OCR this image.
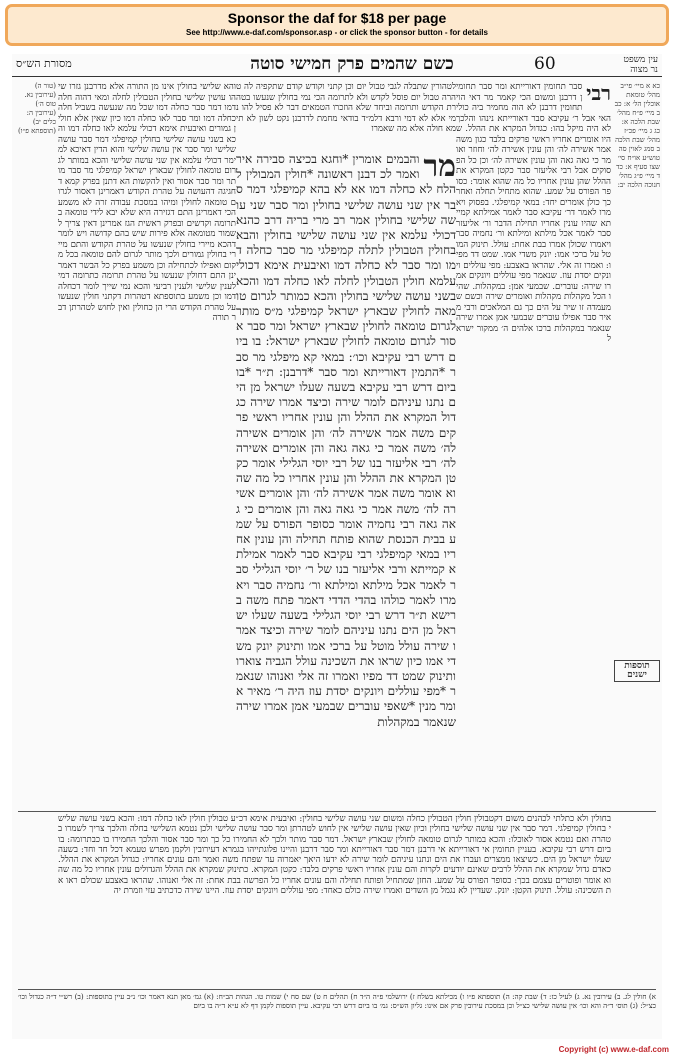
Sponsor the daf for $18 per page
See http://www.e-daf.com/sponsor.asp - or click the sponsor button - for details
מסורת הש״ס	כשם שהמים פרק חמישי סוטה	60	עין משפט
נר מצוה

לטהורין שתבלה לגבי טבול יום וכן קתני וקודש קודם שתקפיה לה טהרה טבול יום פוסל לקדש ולא לתרומה הכי נמי בחולין שנעשו בטהרת הקודש ותרומה וביחד שלא הוזכרו הטמאים דבר לא פסיל להו נמי אלא לא דמי ורבא דלמ״ד בודאי מחמת לדרבנן נקט לשון לא תימא חולה אלא מה שאמרו

מר

והבמים אומרין *וחגא בכיצה סבירה איר ואמר לכ דבנן ראשונה *חולין המבולין להלח לא כחלה דמו אא לא בהא קמיפלגי דמר סבר אין שני עושה שלישי בחולין ומר סבר שני עושה שלישי בחולין אמר רב מרי בריה דרב כהנא דכולי עלמא אין שני עושה שלישי בחולין והבא בחולין הטבולין לתלה קמיפלגי מר סבר כחלה דמו ומר סבר לא כחלה דמו ואיבעית אימא דכולי עלמא חולין הטבולין לחלה לאו כחלה דמו והכא בשני עושה שלישי בחולין והכא כמותר לגרום טומאה לחולין שבארץ ישראל קמיפלגי מ״ס מותר לגרום טומאה לחולין שבארץ ישראל ומר סבר אסור לגרום טומאה לחולין שבארץ ישראל: בו ביום דרש רבי עקיבא וכו׳: במאי קא מיפלגי מר סבר *התמין דאורייתא ומר סבר *דרבנן: ת״ר *בו ביום דרש רבי עקיבא בשעה שעלו ישראל מן הים נתנו עיניהם לומר שירה וכיצד אמרו שירה כגדול המקרא את ההלל והן עונין אחריו ראשי פרקים משה אמר אשירה לה׳ והן אומרים אשירה לה׳ משה אמר כי גאה גאה והן אומרים אשירה לה׳ רבי אליעזר בנו של רבי יוסי הגלילי אומר כקטן המקרא את ההלל והן עונין אחריו כל מה שהוא אומר משה אמר אשירה לה׳ והן אומרים אשירה לה׳ משה אמר כי גאה גאה והן אומרים כי גאה גאה רבי נחמיה אומר כסופר הפורס על שמע בבית הכנסת שהוא פותח תחילה והן עונין אחריו במאי קמיפלגי רבי עקיבא סבר לאמר אמילתא קמייתא ורבי אליעזר בנו של ר׳ יוסי הגלילי סבר לאמר אכל מילתא ומילתא ור׳ נחמיה סבר ויאמרו לאמר כולהו בהדי הדדי דאמר פתח משה ברישא ת״ר דרש רבי יוסי הגלילי בשעה שעלו ישראל מן הים נתנו עיניהם לומר שירה וכיצד אמרו שירה עולל מוטל על ברכי אמו ותינוק יונק משדי אמו כיון שראו את השכינה עולל הגביה צוארו ותינוק שמט דד מפיו ואמרו זה אלי ואנוהו שנאמר *מפי עוללים ויונקים יסדת עוז היה ר׳ מאיר אומר מנין *שאפי עוברים שבמעי אמן אמרו שירה שנאמר במקהלות

והא שלישי בחולין אינו מן התורה אלא מדרבנן גזרו שיהו עושין שלישי בחולין הטבולין לחלה ומאי דהוה חלה דמו דמר סבר כחלה דמו שכל מה שנעשה בשביל חלה כחלה דמו ומר סבר לאו כחלה דמו כיון שאין אלא חולין גמורים ואיבעית אימא דכולי עלמא לאו כחלה דמו והכא בשני עושה שלישי בחולין קמיפלגי דמר סבר עושה שלישי ומר סבר אין עושה שלישי והוא הדין דאיכא למימר דכולי עלמא אין שני עושה שלישי והכא במותר לגרום טומאה לחולין שבארץ ישראל קמיפלגי מר סבר מותר ומר סבר אסור ואין להקשות הא דתנן בפרק קמא דחגיגה דהעושה על טהרת הקודש דאמרינן דאסור לגרום טומאה לחולין ומיהו במסכת עבודה זרה לא משמע הכי דאמרינן התם דגזירה היא שלא יבא לידי טומאה בתרומה וקדשים ובפרק ראשית הגז אמרינן דאין צריך לשמור מטומאה אלא פירות שיש בהם קדושה ויש לומר דהכא מיירי בחולין שנעשו על טהרת הקודש והתם מיירי בחולין גמורים ולכך מותר לגרום להם טומאה בכל מקום ואפילו לכתחילה וכן משמע בפרק כל הבשר דאמרינן התם דחולין שנעשו על טהרת תרומה כתרומה דמי לענין שלישי ולענין רביעי והכא נמי שייך לומר דכחלה דמו וכן משמע בתוספתא דטהרות דקתני חולין שנעשו על טהרת הקודש הרי הן כחולין ואין לחוש לטהרתן דבר תורה

רבי

סבר תחומין דאורייתא ומר סבר תחומין דרבנן ומשום הכי קאמר מר דאי הוי תחומין דרבנן לא הוה מחמיר ביה כולי האי אבל ר׳ עקיבא סבר דאורייתא נינהו והלכך לא היה מיקל בהו: כגדול המקרא את ההלל. שהיו אומרים אחריו ראשי פרקים בלבד כגון משה אמר אשירה לה׳ והן עונין אשירה לה׳ וחוזר ואומר כי גאה גאה והן עונין אשירה לה׳ וכן כל הפסוקים אבל רבי אליעזר סבר כקטן המקרא את ההלל שהן עונין אחריו כל מה שהוא אומר: כסופר הפורס על שמע. שהוא מתחיל תחלה ואחר כך כולן אומרים יחד: במאי קמיפלגי. בפסוק ויאמרו לאמר דר׳ עקיבא סבר לאמר אמילתא קמייתא שהיו עונין אחריו תחילת הדבר ור׳ אליעזר סבר לאמר אכל מילתא ומילתא ור׳ נחמיה סבר ויאמרו שכולן אמרו בבת אחת: עולל. תינוק המוטל על ברכי אמו: יונק משדי אמו. שמט דד מפיו: ואמרו זה אלי. שהראו באצבע: מפי עוללים ויונקים יסדת עוז. שנאמר מפי עוללים ויונקים אמרו שירה: עוברים. שבמעי אמן: במקהלות. שהיו הכל מקהלות מקהלות ואומרים שירה וכשם שמעמדה זו שיר על הים כך גם המלאכים ורבי מאיר סבר אפילו עוברים שבמעי אמן אמרו שירה שנאמר במקהלות ברכו אלהים ה׳ ממקור ישראל

בחולין ולא כתלתי לכהנים משום דקטבולין חולין הטבולין כחלה ומשום שני עושה שלישי בחולין: ואיבעית אימא דכ״ע טבולין חולין לאו כחלה דמו: והכא בשני עושה שלישי בחולין קמיפלגי. דמר סבר אין שני עושה שלישי בחולין וכיון שאין עושה שלישי אין לחוש לטהרתן ומר סבר עושה שלישי ולכן נטמא השלישי בחלה והלכך צריך לשמרו בטהרה ואם נטמא אסור לאוכלו: והכא במותר לגרום טומאה לחולין שבארץ ישראל. דמר סבר מותר ולכך לא החמירו כל כך ומר סבר אסור והלכך החמירו בו כבתרומה: בו ביום דרש רבי עקיבא. בעניין תחומין אי דאורייתא אי דרבנן דמר סבר דאורייתא ומר סבר דרבנן והיינו פלוגתייהו בגמרא דעירובין ולקמן מפרש טעמא דכל חד וחד: בשעה שעלו ישראל מן הים. כשיצאו ממצרים ועברו את הים ונתנו עיניהם לומר שירה לא ידעו היאך יאמרוה עד שפתח משה ואמר והם עונים אחריו: כגדול המקרא את ההלל. כאדם גדול שמקרא את ההלל לרבים שאינם יודעים לקרות והם עונין אחריו ראשי פרקים בלבד: כקטן המקרא. כתינוק שמקרא את ההלל והגדולים עונין אחריו כל מה שהוא אומר ופוטרים עצמם בכך: כסופר הפורס על שמע. החזן שמתחיל ופותח תחילה והם עונים אחריו כל הפרשה בבת אחת: זה אלי ואנוהו. שהראו באצבע שכולם ראו את השכינה: עולל. תינוק הקטן: יונק. שעדיין לא נגמל מן השדים ואמרו שירה כולם כאחד: מפי עוללים ויונקים יסדת עוז. היינו שירה כדכתיב עזי וזמרת יה

א) חולין לג. ב) עירובין נא. ג) לעיל כז: ד) שבת קה: ה) תוספתא פ״ו ו) מכילתא בשלח ז) ירושלמי פ״ה ה״ד ח) תהלים ח ט) שם סח י) שמות טו. הגהות הב״ח: (א) גמ׳ מאן תנא דאמר וכו׳ נ״ב עיין בתוספות: (ב) רש״י ד״ה כגדול וכו׳ כצ״ל: (ג) תוס׳ ד״ה והא וכו׳ אין עושה שלישי כצ״ל וכן במסכת עירובין פרק אם אינו: גליון הש״ס: גמ׳ בו ביום דרש רבי עקיבא. עיין תוספות לקמן דף לא ע״א ד״ה בו ביום

(טור ה) (עירובין נא. טוס ה׳) (עירובין ה: כלים יב) (תוספתא פ״ו)
כא א מיי׳ פי״ב מהל׳ טומאת אוכלין הל׳ א: כב ב מיי׳ פ״ח מהל׳ שבת הלכה א: כג ג מיי׳ פכ״ז מהל׳ שבת הלכה ב סמג לאוין סה טוש״ע או״ח סי׳ שצו סעיף א: כד ד מיי׳ פ״ג מהל׳ חנוכה הלכה יב:
תוספות ישנים
Copyright (c) www.e-daf.com
